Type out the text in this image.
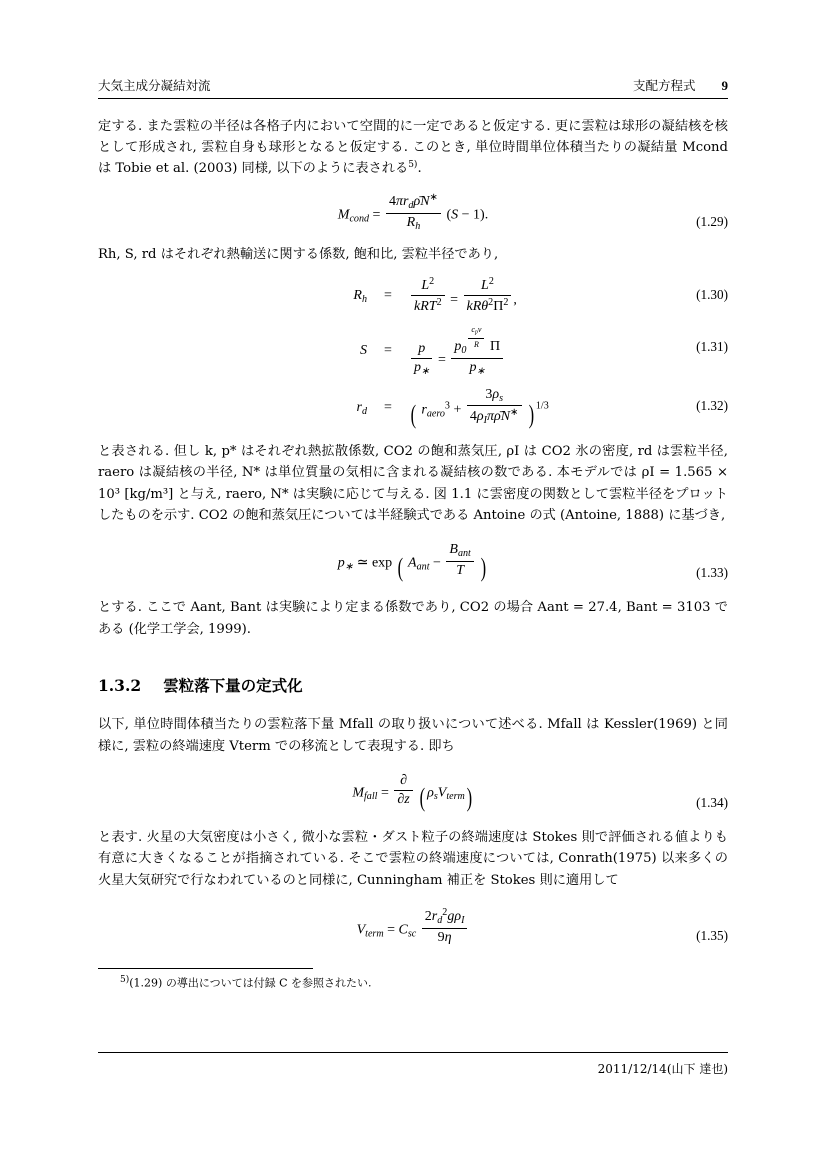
大気主成分凝結対流	支配方程式 9

定する. また雲粒の半径は各格子内において空間的に一定であると仮定する. 更に雲粒は球形の凝結核を核として形成され, 雲粒自身も球形となると仮定する. このとき, 単位時間単位体積当たりの凝結量 Mcond は Tobie et al. (2003) 同様, 以下のように表される$^{5)}$.

$M_{cond} = \frac{4\pi r_d\rhōN^∗}{R_h} (S - 1)$.	(1.29)

Rh, S, rd はそれぞれ熱輸送に関する係数, 飽和比, 雲粒半径であり,

$R_h$	=	$\frac{L^2}{kRT^2} = \frac{L^2}{kR\theta^2\Pi^2}$ ,	(1.30)
S	=	$\frac{p}{p_∗} = p_0$
$^{\frac{c_pv}{R}}$ Π
$p_∗$	(1.31)
$r_d$	= ( $r_{aero}^3 + \frac{3\rho_s}{4\rho_I\pi\rhōN^∗}$ ) $^{1/3}$	(1.32)

と表される. 但し k, p* はそれぞれ熱拡散係数, CO2 の飽和蒸気圧, ρI は CO2 氷の密度, rd は雲粒半径, raero は凝結核の半径, N* は単位質量の気相に含まれる凝結核の数である. 本モデルでは ρI = 1.565 × 10³ [kg/m³] と与え, raero, N* は実験に応じて与える. 図 1.1 に雲密度の関数として雲粒半径をプロットしたものを示す. CO2 の飽和蒸気圧については半経験式である Antoine の式 (Antoine, 1888) に基づき,

$p_∗$ ≃ exp ( $A_{ant} - \frac{B_{ant}}{T}$ )	(1.33)

とする. ここで Aant, Bant は実験により定まる係数であり, CO2 の場合 Aant = 27.4, Bant = 3103 である (化学工学会, 1999).

1.3.2 雲粒落下量の定式化

以下, 単位時間体積当たりの雲粒落下量 Mfall の取り扱いについて述べる. Mfall は Kessler(1969) と同様に, 雲粒の終端速度 Vterm での移流として表現する. 即ち

$M_{fall} = \frac{\partial}{\partial z}$ ( $\rho_sV_{term}$)	(1.34)

と表す. 火星の大気密度は小さく, 微小な雲粒・ダスト粒子の終端速度は Stokes 則で評価される値よりも有意に大きくなることが指摘されている. そこで雲粒の終端速度については, Conrath(1975) 以来多くの火星大気研究で行なわれているのと同様に, Cunningham 補正を Stokes 則に適用して

$V_{term} = C_{sc} \frac{2r_d^2g\rho_I}{9\eta}$	(1.35)
$^{5)}$(1.29) の導出については付録 C を参照されたい.
2011/12/14(山下 達也)
